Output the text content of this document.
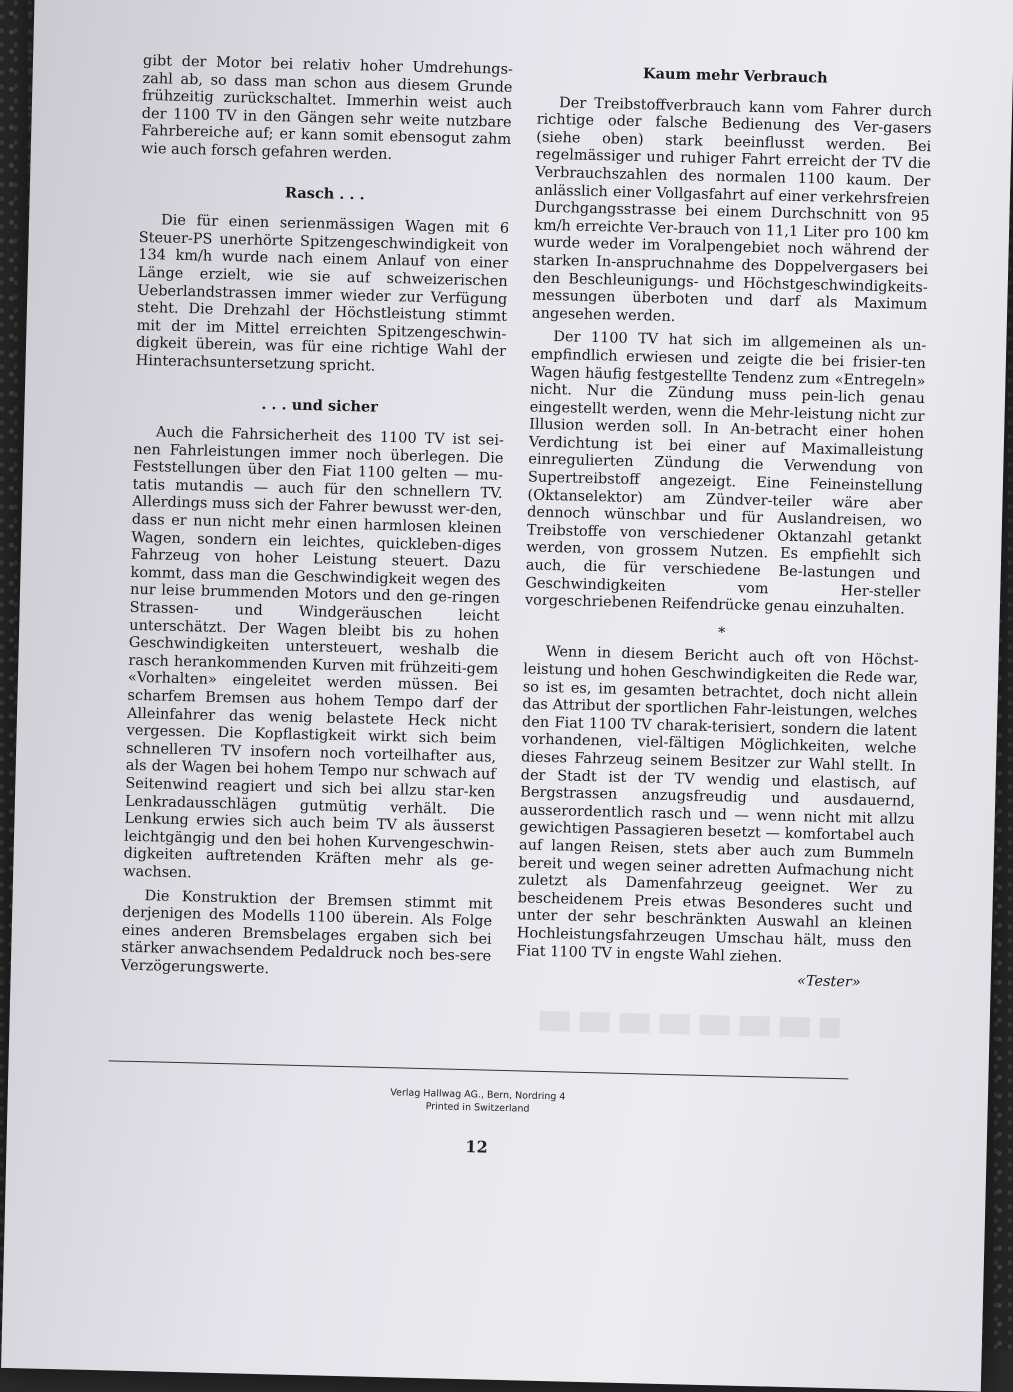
gibt der Motor bei relativ hoher Umdrehungs-zahl ab, so dass man schon aus diesem Grunde frühzeitig zurückschaltet. Immerhin weist auch der 1100 TV in den Gängen sehr weite nutzbare Fahrbereiche auf; er kann somit ebensogut zahm wie auch forsch gefahren werden.

Rasch . . .

Die für einen serienmässigen Wagen mit 6 Steuer-PS unerhörte Spitzengeschwindigkeit von 134 km/h wurde nach einem Anlauf von einer Länge erzielt, wie sie auf schweizerischen Ueberlandstrassen immer wieder zur Verfügung steht. Die Drehzahl der Höchstleistung stimmt mit der im Mittel erreichten Spitzengeschwin-digkeit überein, was für eine richtige Wahl der Hinterachsuntersetzung spricht.

. . . und sicher

Auch die Fahrsicherheit des 1100 TV ist sei-nen Fahrleistungen immer noch überlegen. Die Feststellungen über den Fiat 1100 gelten — mu-tatis mutandis — auch für den schnellern TV. Allerdings muss sich der Fahrer bewusst wer-den, dass er nun nicht mehr einen harmlosen kleinen Wagen, sondern ein leichtes, quickleben-diges Fahrzeug von hoher Leistung steuert. Dazu kommt, dass man die Geschwindigkeit wegen des nur leise brummenden Motors und den ge-ringen Strassen- und Windgeräuschen leicht unterschätzt. Der Wagen bleibt bis zu hohen Geschwindigkeiten untersteuert, weshalb die rasch herankommenden Kurven mit frühzeiti-gem «Vorhalten» eingeleitet werden müssen. Bei scharfem Bremsen aus hohem Tempo darf der Alleinfahrer das wenig belastete Heck nicht vergessen. Die Kopflastigkeit wirkt sich beim schnelleren TV insofern noch vorteilhafter aus, als der Wagen bei hohem Tempo nur schwach auf Seitenwind reagiert und sich bei allzu star-ken Lenkradausschlägen gutmütig verhält. Die Lenkung erwies sich auch beim TV als äusserst leichtgängig und den bei hohen Kurvengeschwin-digkeiten auftretenden Kräften mehr als ge-wachsen.

Die Konstruktion der Bremsen stimmt mit derjenigen des Modells 1100 überein. Als Folge eines anderen Bremsbelages ergaben sich bei stärker anwachsendem Pedaldruck noch bes-sere Verzögerungswerte.

Kaum mehr Verbrauch

Der Treibstoffverbrauch kann vom Fahrer durch richtige oder falsche Bedienung des Ver-gasers (siehe oben) stark beeinflusst werden. Bei regelmässiger und ruhiger Fahrt erreicht der TV die Verbrauchszahlen des normalen 1100 kaum. Der anlässlich einer Vollgasfahrt auf einer verkehrsfreien Durchgangsstrasse bei einem Durchschnitt von 95 km/h erreichte Ver-brauch von 11,1 Liter pro 100 km wurde weder im Voralpengebiet noch während der starken In-anspruchnahme des Doppelvergasers bei den Beschleunigungs- und Höchstgeschwindigkeits-messungen überboten und darf als Maximum angesehen werden.

Der 1100 TV hat sich im allgemeinen als un-empfindlich erwiesen und zeigte die bei frisier-ten Wagen häufig festgestellte Tendenz zum «Entregeln» nicht. Nur die Zündung muss pein-lich genau eingestellt werden, wenn die Mehr-leistung nicht zur Illusion werden soll. In An-betracht einer hohen Verdichtung ist bei einer auf Maximalleistung einregulierten Zündung die Verwendung von Supertreibstoff angezeigt. Eine Feineinstellung (Oktanselektor) am Zündver-teiler wäre aber dennoch wünschbar und für Auslandreisen, wo Treibstoffe von verschiedener Oktanzahl getankt werden, von grossem Nutzen. Es empfiehlt sich auch, die für verschiedene Be-lastungen und Geschwindigkeiten vom Her-steller vorgeschriebenen Reifendrücke genau einzuhalten.

*

Wenn in diesem Bericht auch oft von Höchst-leistung und hohen Geschwindigkeiten die Rede war, so ist es, im gesamten betrachtet, doch nicht allein das Attribut der sportlichen Fahr-leistungen, welches den Fiat 1100 TV charak-terisiert, sondern die latent vorhandenen, viel-fältigen Möglichkeiten, welche dieses Fahrzeug seinem Besitzer zur Wahl stellt. In der Stadt ist der TV wendig und elastisch, auf Bergstrassen anzugsfreudig und ausdauernd, ausserordentlich rasch und — wenn nicht mit allzu gewichtigen Passagieren besetzt — komfortabel auch auf langen Reisen, stets aber auch zum Bummeln bereit und wegen seiner adretten Aufmachung nicht zuletzt als Damenfahrzeug geeignet. Wer zu bescheidenem Preis etwas Besonderes sucht und unter der sehr beschränkten Auswahl an kleinen Hochleistungsfahrzeugen Umschau hält, muss den Fiat 1100 TV in engste Wahl ziehen.

«Tester»
Verlag Hallwag AG., Bern, Nordring 4
Printed in Switzerland
12
